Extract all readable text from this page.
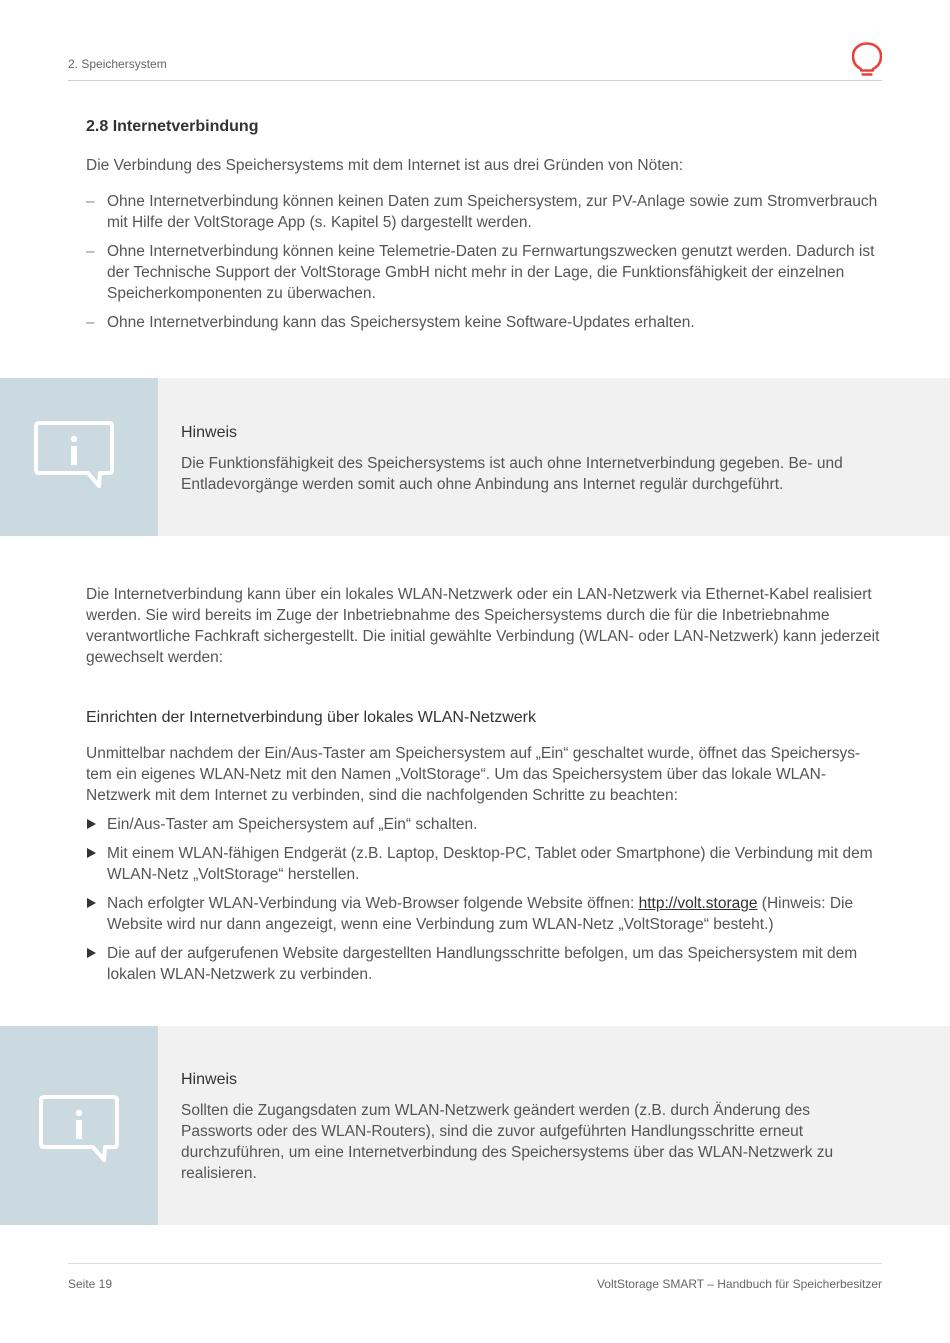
2. Speichersystem
2.8 Internetverbindung

Die Verbindung des Speichersystems mit dem Internet ist aus drei Gründen von Nöten:

– Ohne Internetverbindung können keinen Daten zum Speichersystem, zur PV-Anlage sowie zum Stromverbrauch mit Hilfe der VoltStorage App (s. Kapitel 5) dargestellt werden.
– Ohne Internetverbindung können keine Telemetrie-Daten zu Fernwartungszwecken genutzt werden. Dadurch ist der Technische Support der VoltStorage GmbH nicht mehr in der Lage, die Funktionsfähigkeit der einzelnen Speicherkomponenten zu überwachen.
– Ohne Internetverbindung kann das Speichersystem keine Software-Updates erhalten.
Hinweis

Die Funktionsfähigkeit des Speichersystems ist auch ohne Internetverbindung gegeben. Be- und Entladevorgänge werden somit auch ohne Anbindung ans Internet regulär durchgeführt.

Die Internetverbindung kann über ein lokales WLAN-Netzwerk oder ein LAN-Netzwerk via Ethernet-Kabel realisiert werden. Sie wird bereits im Zuge der Inbetriebnahme des Speichersystems durch die für die Inbetriebnahme verantwortliche Fachkraft sichergestellt. Die initial gewählte Verbindung (WLAN- oder LAN-Netzwerk) kann jederzeit gewechselt werden:

Einrichten der Internetverbindung über lokales WLAN-Netzwerk

Unmittelbar nachdem der Ein/Aus-Taster am Speichersystem auf „Ein“ geschaltet wurde, öffnet das Speichersys-tem ein eigenes WLAN-Netz mit den Namen „VoltStorage“. Um das Speichersystem über das lokale WLAN-Netzwerk mit dem Internet zu verbinden, sind die nachfolgenden Schritte zu beachten:

Ein/Aus-Taster am Speichersystem auf „Ein“ schalten.
Mit einem WLAN-fähigen Endgerät (z.B. Laptop, Desktop-PC, Tablet oder Smartphone) die Verbindung mit dem WLAN-Netz „VoltStorage“ herstellen.
Nach erfolgter WLAN-Verbindung via Web-Browser folgende Website öffnen: http://volt.storage (Hinweis: Die Website wird nur dann angezeigt, wenn eine Verbindung zum WLAN-Netz „VoltStorage“ besteht.)
Die auf der aufgerufenen Website dargestellten Handlungsschritte befolgen, um das Speichersystem mit dem lokalen WLAN-Netzwerk zu verbinden.
Hinweis

Sollten die Zugangsdaten zum WLAN-Netzwerk geändert werden (z.B. durch Änderung des Passworts oder des WLAN-Routers), sind die zuvor aufgeführten Handlungsschritte erneut durchzuführen, um eine Internetverbindung des Speichersystems über das WLAN-Netzwerk zu realisieren.

Seite 19	VoltStorage SMART – Handbuch für Speicherbesitzer
